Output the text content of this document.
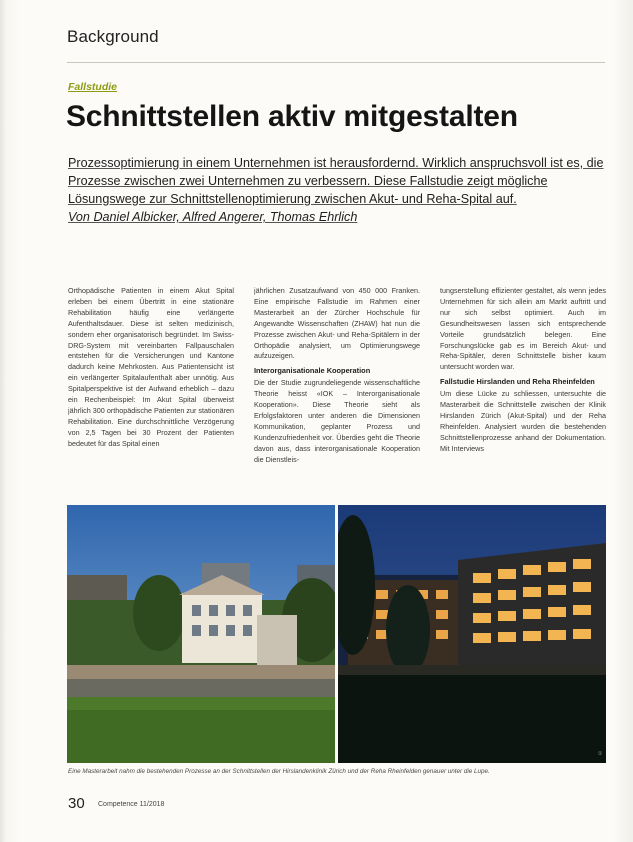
Background
Fallstudie
Schnittstellen aktiv mitgestalten
Prozessoptimierung in einem Unternehmen ist herausfordernd. Wirklich anspruchsvoll ist es, die Prozesse zwischen zwei Unternehmen zu verbessern. Diese Fallstudie zeigt mögliche Lösungswege zur Schnittstellenoptimierung zwischen Akut- und Reha-Spital auf.
Von Daniel Albicker, Alfred Angerer, Thomas Ehrlich

Orthopädische Patienten in einem Akut Spital erleben bei einem Übertritt in eine stationäre Rehabilitation häufig eine verlängerte Aufenthaltsdauer. Diese ist selten medizinisch, sondern eher organisatorisch begründet. Im Swiss-DRG-System mit vereinbarten Fallpauschalen entstehen für die Versicherungen und Kantone dadurch keine Mehrkosten. Aus Patientensicht ist ein verlängerter Spitalaufenthalt aber unnötig. Aus Spitalperspektive ist der Aufwand erheblich – dazu ein Rechenbeispiel: Im Akut Spital überweist jährlich 300 orthopädische Patienten zur stationären Rehabilitation. Eine durchschnittliche Verzögerung von 2,5 Tagen bei 30 Prozent der Patienten bedeutet für das Spital einen

jährlichen Zusatzaufwand von 450 000 Franken. Eine empirische Fallstudie im Rahmen einer Masterarbeit an der Zürcher Hochschule für Angewandte Wissenschaften (ZHAW) hat nun die Prozesse zwischen Akut- und Reha-Spitälern in der Orthopädie analysiert, um Optimierungswege aufzuzeigen.

Interorganisationale Kooperation

Die der Studie zugrundeliegende wissenschaftliche Theorie heisst «IOK – Interorganisationale Kooperation». Diese Theorie sieht als Erfolgsfaktoren unter anderen die Dimensionen Kommunikation, geplanter Prozess und Kundenzufriedenheit vor. Überdies geht die Theorie davon aus, dass interorganisationale Kooperation die Dienstleis-

tungserstellung effizienter gestaltet, als wenn jedes Unternehmen für sich allein am Markt auftritt und nur sich selbst optimiert. Auch im Gesundheitswesen lassen sich entsprechende Vorteile grundsätzlich belegen. Eine Forschungslücke gab es im Bereich Akut- und Reha-Spitäler, deren Schnittstelle bisher kaum untersucht worden war.

Fallstudie Hirslanden und Reha Rheinfelden

Um diese Lücke zu schliessen, untersuchte die Masterarbeit die Schnittstelle zwischen der Klinik Hirslanden Zürich (Akut-Spital) und der Reha Rheinfelden. Analysiert wurden die bestehenden Schnittstellenprozesse anhand der Dokumentation. Mit Interviews

©
Eine Masterarbeit nahm die bestehenden Prozesse an der Schnittstellen der Hirslandenklinik Zürich und der Reha Rheinfelden genauer unter die Lupe.
30 Competence 11/2018
